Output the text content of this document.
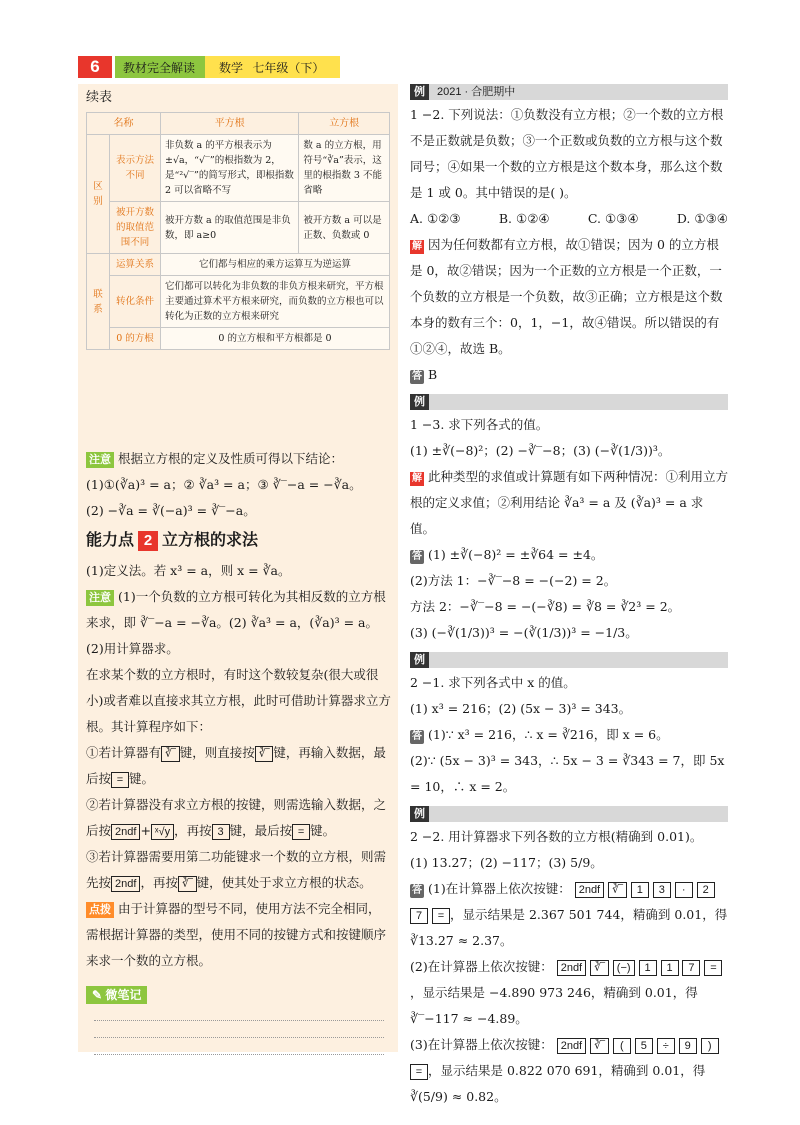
6	教材完全解读	数学 七年级（下）
续表
名称		平方根	立方根
区别	表示方法不同	非负数 a 的平方根表示为 ±√a，“√‾”的根指数为 2，是“²√‾”的简写形式，即根指数 2 可以省略不写	数 a 的立方根，用符号“∛a”表示，这里的根指数 3 不能省略
	被开方数的取值范围不同	被开方数 a 的取值范围是非负数，即 a≥0	被开方数 a 可以是正数、负数或 0
联系	运算关系	它们都与相应的乘方运算互为逆运算	
	转化条件	它们都可以转化为非负数的非负方根来研究，平方根主要通过算术平方根来研究，而负数的立方根也可以转化为正数的立方根来研究	
	0 的方根	0 的立方根和平方根都是 0	

注意 根据立方根的定义及性质可得以下结论：

(1)①(∛a)³ = a；② ∛a³ = a；③ ∛‾−a = −∛a。

(2) −∛a = ∛(−a)³ = ∛‾−a。

能力点 2 立方根的求法

(1)定义法。若 x³ = a，则 x = ∛a。

注意 (1)一个负数的立方根可转化为其相反数的立方根来求，即 ∛‾−a = −∛a。(2) ∛a³ = a，(∛a)³ = a。

(2)用计算器求。

在求某个数的立方根时，有时这个数较复杂(很大或很小)或者难以直接求其立方根，此时可借助计算器求立方根。其计算程序如下：

①若计算器有 ∛‾ 键，则直接按 ∛‾ 键，再输入数据，最后按 = 键。

②若计算器没有求立方根的按键，则需选输入数据，之后按 2ndf + ˣ√y ，再按 3 键，最后按 = 键。

③若计算器需要用第二功能键求一个数的立方根，则需先按 2ndf ，再按 ∛‾ 键，使其处于求立方根的状态。

点拨 由于计算器的型号不同，使用方法不完全相同，需根据计算器的类型，使用不同的按键方式和按键顺序来求一个数的立方根。

✎ 微笔记
例	2021 · 合肥期中

1 −2. 下列说法：①负数没有立方根；②一个数的立方根不是正数就是负数；③一个正数或负数的立方根与这个数同号；④如果一个数的立方根是这个数本身，那么这个数是 1 或 0。其中错误的是( )。

A. ①②③	B. ①②④	C. ①③④	D. ①③④

解 因为任何数都有立方根，故①错误；因为 0 的立方根是 0，故②错误；因为一个正数的立方根是一个正数，一个负数的立方根是一个负数，故③正确；立方根是这个数本身的数有三个：0，1，−1，故④错误。所以错误的有①②④，故选 B。

答 B

例

1 −3. 求下列各式的值。

(1) ±∛(−8)²；(2) −∛‾−8；(3) (−∛(1/3))³。

解 此种类型的求值或计算题有如下两种情况：①利用立方根的定义求值；②利用结论 ∛a³ = a 及 (∛a)³ = a 求值。

答 (1) ±∛(−8)² = ±∛64 = ±4。

(2)方法 1：−∛‾−8 = −(−2) = 2。

方法 2：−∛‾−8 = −(−∛8) = ∛8 = ∛2³ = 2。

(3) (−∛(1/3))³ = −(∛(1/3))³ = −1/3。

例

2 −1. 求下列各式中 x 的值。

(1) x³ = 216；(2) (5x − 3)³ = 343。

答 (1)∵ x³ = 216，∴ x = ∛216，即 x = 6。

(2)∵ (5x − 3)³ = 343，∴ 5x − 3 = ∛343 = 7，即 5x = 10，∴ x = 2。

例

2 −2. 用计算器求下列各数的立方根(精确到 0.01)。

(1) 13.27；(2) −117；(3) 5/9。

答 (1)在计算器上依次按键： 2ndf ∛‾ 1 3 · 2 7 = ，显示结果是 2.367 501 744，精确到 0.01，得 ∛13.27 ≈ 2.37。

(2)在计算器上依次按键： 2ndf ∛‾ (−) 1 1 7 =，显示结果是 −4.890 973 246，精确到 0.01，得 ∛‾−117 ≈ −4.89。

(3)在计算器上依次按键： 2ndf ∛‾ ( 5 ÷ 9 ) = ，显示结果是 0.822 070 691，精确到 0.01，得 ∛(5/9) ≈ 0.82。
